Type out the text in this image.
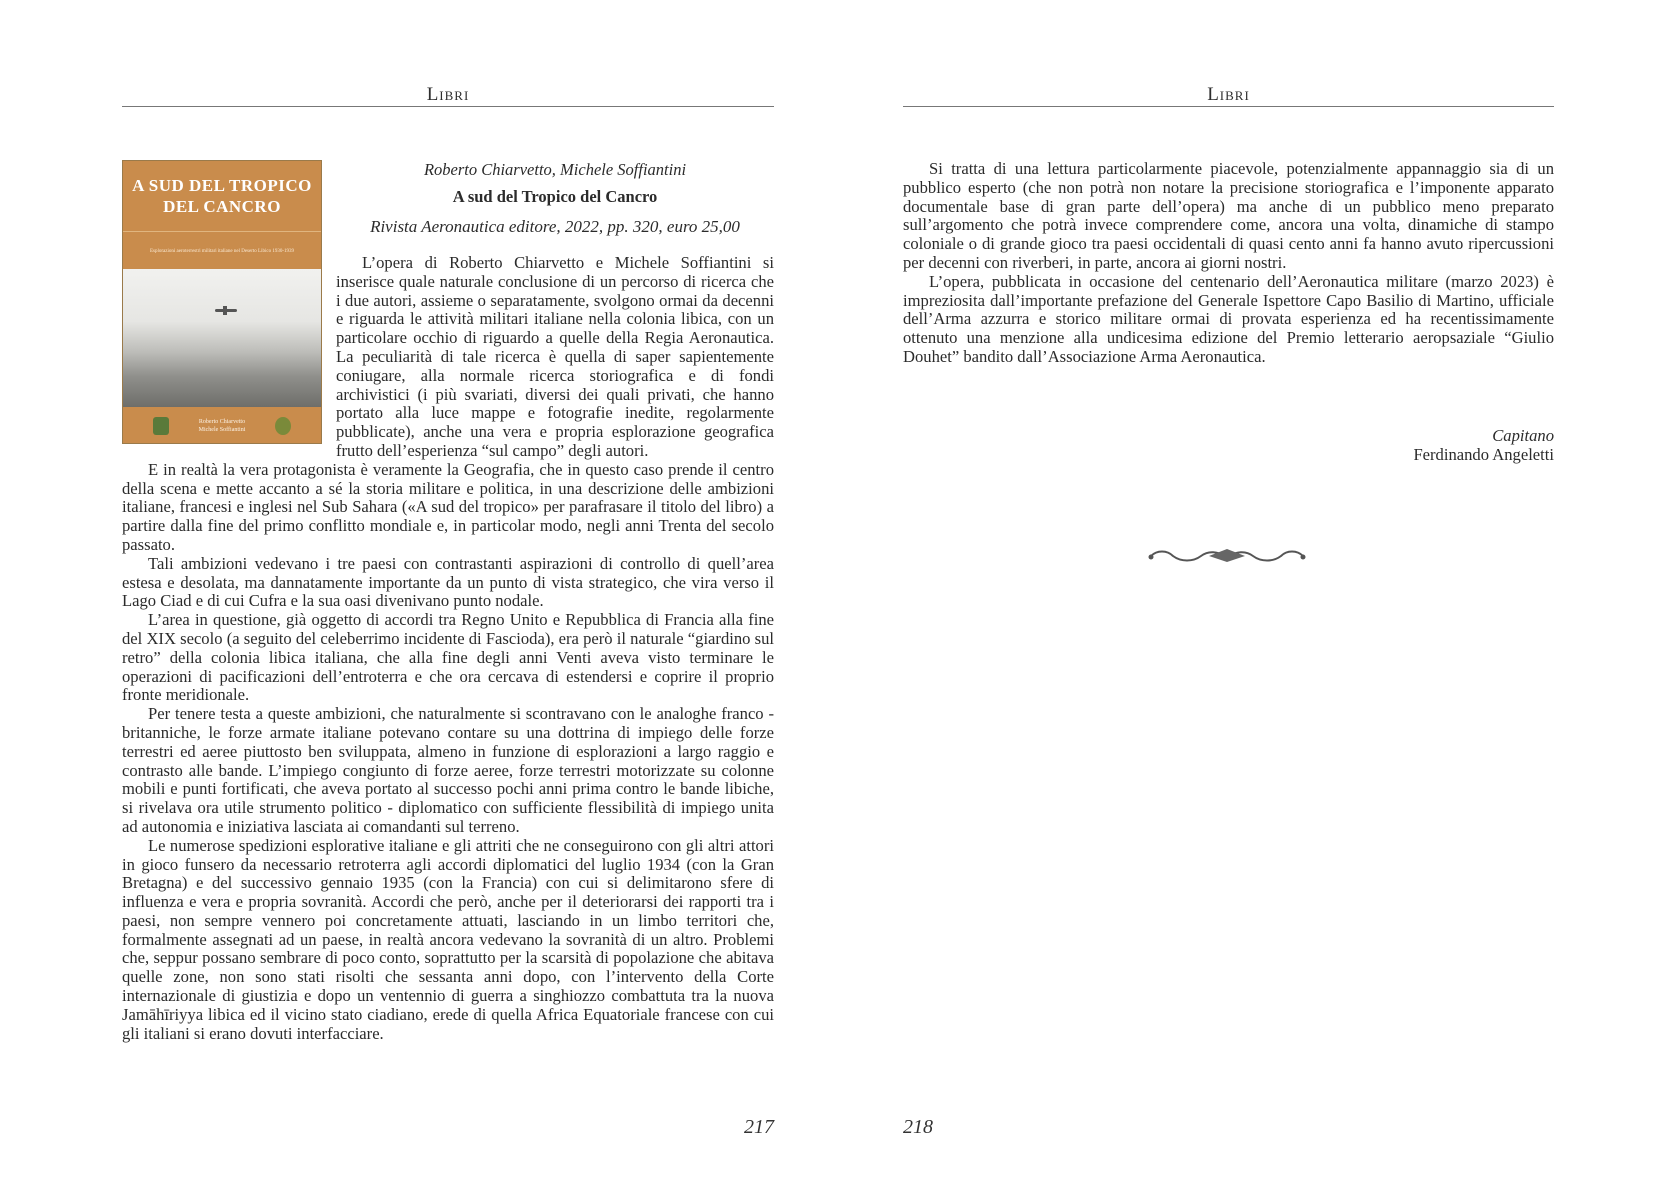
Libri
A SUD DEL TROPICO
DEL CANCRO
Esplorazioni aeroterrestri militari italiane nel Deserto Libico 1930-1939
Roberto Chiarvetto
Michele Soffiantini
Roberto Chiarvetto, Michele Soffiantini
A sud del Tropico del Cancro
Rivista Aeronautica editore, 2022, pp. 320, euro 25,00

L’opera di Roberto Chiarvetto e Michele Soffiantini si inserisce quale naturale conclusione di un percorso di ricerca che i due autori, assieme o separatamente, svolgono ormai da decenni e riguarda le attività militari italiane nella colonia libica, con un particolare occhio di riguardo a quelle della Regia Aeronautica. La peculiarità di tale ricerca è quella di saper sapientemente coniugare, alla normale ricerca storiografica e di fondi archivistici (i più svariati, diversi dei quali privati, che hanno portato alla luce mappe e fotografie inedite, regolarmente pubblicate), anche una vera e propria esplorazione geografica frutto dell’esperienza “sul campo” degli autori.

E in realtà la vera protagonista è veramente la Geografia, che in questo caso prende il centro della scena e mette accanto a sé la storia militare e politica, in una descrizione delle ambizioni italiane, francesi e inglesi nel Sub Sahara («A sud del tropico» per parafrasare il titolo del libro) a partire dalla fine del primo conflitto mondiale e, in particolar modo, negli anni Trenta del secolo passato.

Tali ambizioni vedevano i tre paesi con contrastanti aspirazioni di controllo di quell’area estesa e desolata, ma dannatamente importante da un punto di vista strategico, che vira verso il Lago Ciad e di cui Cufra e la sua oasi divenivano punto nodale.

L’area in questione, già oggetto di accordi tra Regno Unito e Repubblica di Francia alla fine del XIX secolo (a seguito del celeberrimo incidente di Fascioda), era però il naturale “giardino sul retro” della colonia libica italiana, che alla fine degli anni Venti aveva visto terminare le operazioni di pacificazioni dell’entroterra e che ora cercava di estendersi e coprire il proprio fronte meridionale.

Per tenere testa a queste ambizioni, che naturalmente si scontravano con le analoghe franco - britanniche, le forze armate italiane potevano contare su una dottrina di impiego delle forze terrestri ed aeree piuttosto ben sviluppata, almeno in funzione di esplorazioni a largo raggio e contrasto alle bande. L’impiego congiunto di forze aeree, forze terrestri motorizzate su colonne mobili e punti fortificati, che aveva portato al successo pochi anni prima contro le bande libiche, si rivelava ora utile strumento politico - diplomatico con sufficiente flessibilità di impiego unita ad autonomia e iniziativa lasciata ai comandanti sul terreno.

Le numerose spedizioni esplorative italiane e gli attriti che ne conseguirono con gli altri attori in gioco funsero da necessario retroterra agli accordi diplomatici del luglio 1934 (con la Gran Bretagna) e del successivo gennaio 1935 (con la Francia) con cui si delimitarono sfere di influenza e vera e propria sovranità. Accordi che però, anche per il deteriorarsi dei rapporti tra i paesi, non sempre vennero poi concretamente attuati, lasciando in un limbo territori che, formalmente assegnati ad un paese, in realtà ancora vedevano la sovranità di un altro. Problemi che, seppur possano sembrare di poco conto, soprattutto per la scarsità di popolazione che abitava quelle zone, non sono stati risolti che sessanta anni dopo, con l’intervento della Corte internazionale di giustizia e dopo un ventennio di guerra a singhiozzo combattuta tra la nuova Jamāhīriyya libica ed il vicino stato ciadiano, erede di quella Africa Equatoriale francese con cui gli italiani si erano dovuti interfacciare.

217
Libri

Si tratta di una lettura particolarmente piacevole, potenzialmente appannaggio sia di un pubblico esperto (che non potrà non notare la precisione storiografica e l’imponente apparato documentale base di gran parte dell’opera) ma anche di un pubblico meno preparato sull’argomento che potrà invece comprendere come, ancora una volta, dinamiche di stampo coloniale o di grande gioco tra paesi occidentali di quasi cento anni fa hanno avuto ripercussioni per decenni con riverberi, in parte, ancora ai giorni nostri.

L’opera, pubblicata in occasione del centenario dell’Aeronautica militare (marzo 2023) è impreziosita dall’importante prefazione del Generale Ispettore Capo Basilio di Martino, ufficiale dell’Arma azzurra e storico militare ormai di provata esperienza ed ha recentissimamente ottenuto una menzione alla undicesima edizione del Premio letterario aeropsaziale “Giulio Douhet” bandito dall’Associazione Arma Aeronautica.

Capitano
Ferdinando Angeletti
218
